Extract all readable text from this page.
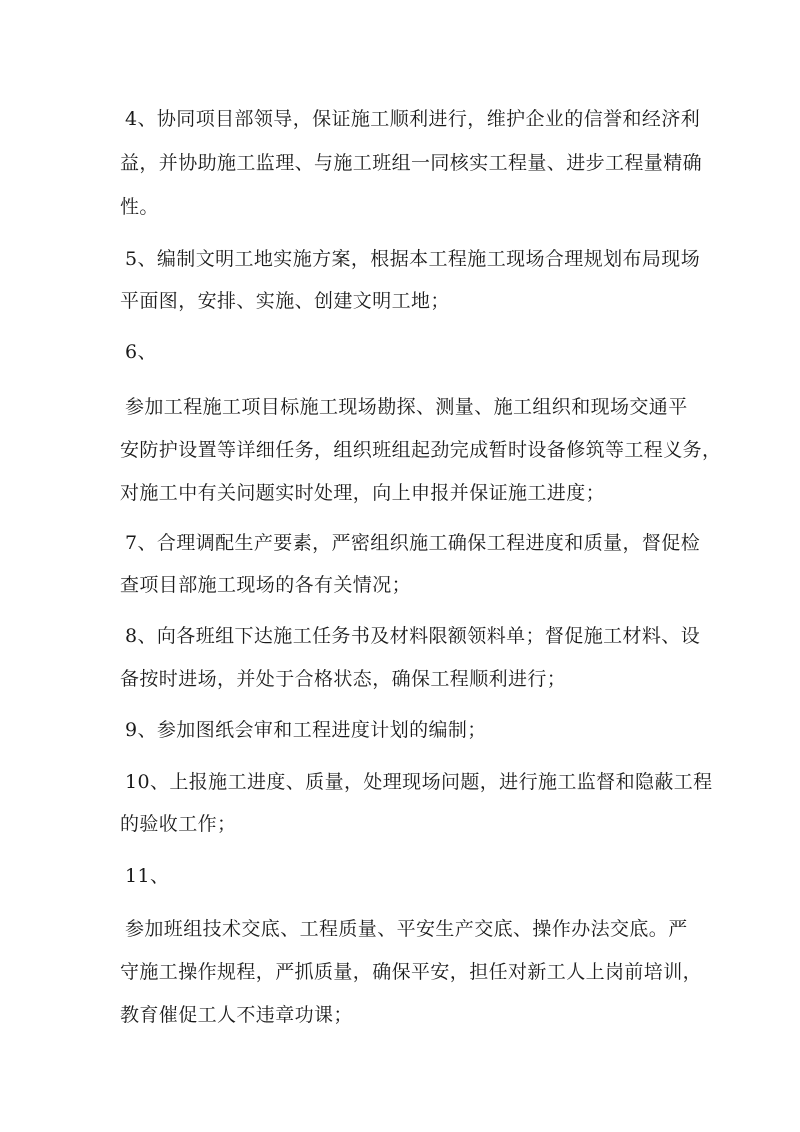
4、协同项目部领导，保证施工顺利进行，维护企业的信誉和经济利
益，并协助施工监理、与施工班组一同核实工程量、进步工程量精确
性。
5、编制文明工地实施方案，根据本工程施工现场合理规划布局现场
平面图，安排、实施、创建文明工地；
6、
参加工程施工项目标施工现场勘探、测量、施工组织和现场交通平
安防护设置等详细任务，组织班组起劲完成暂时设备修筑等工程义务，
对施工中有关问题实时处理，向上申报并保证施工进度；
7、合理调配生产要素，严密组织施工确保工程进度和质量，督促检
查项目部施工现场的各有关情况；
8、向各班组下达施工任务书及材料限额领料单；督促施工材料、设
备按时进场，并处于合格状态，确保工程顺利进行；
9、参加图纸会审和工程进度计划的编制；
10、上报施工进度、质量，处理现场问题，进行施工监督和隐蔽工程
的验收工作；
11、
参加班组技术交底、工程质量、平安生产交底、操作办法交底。严
守施工操作规程，严抓质量，确保平安，担任对新工人上岗前培训，
教育催促工人不违章功课；
